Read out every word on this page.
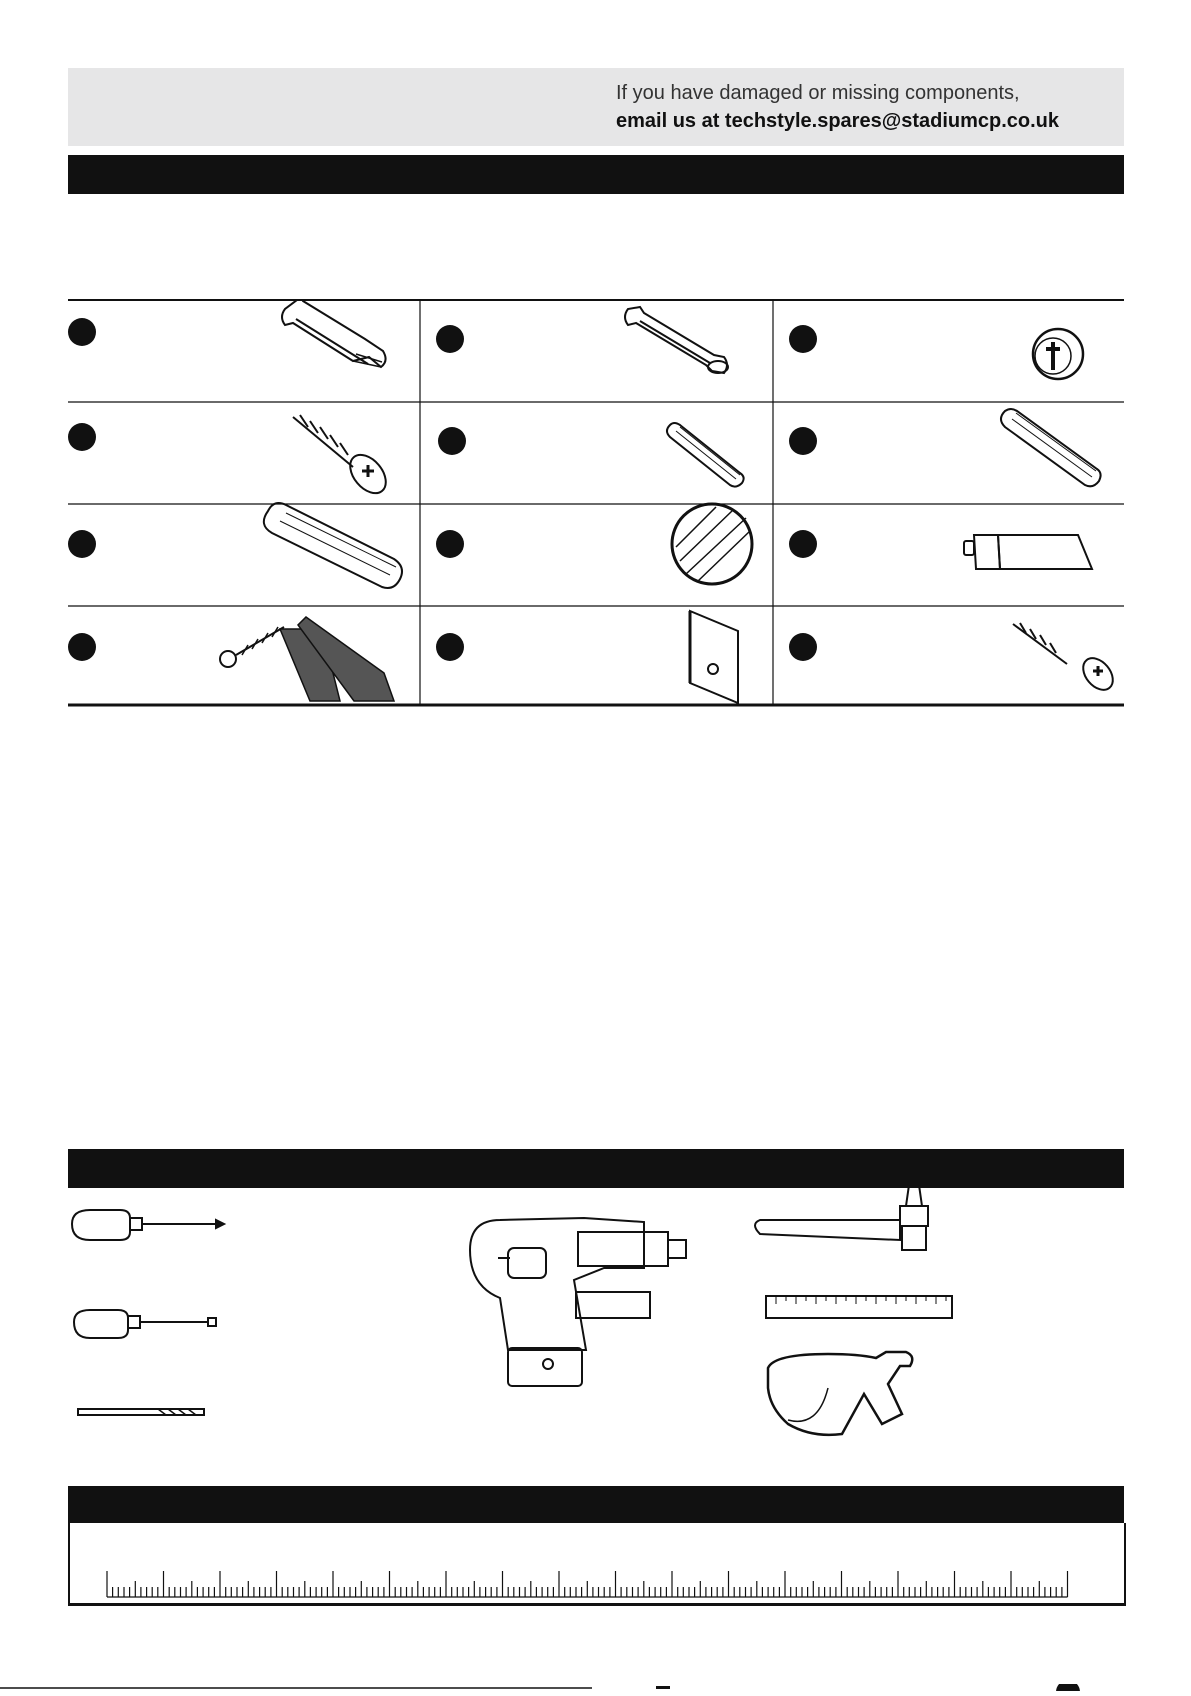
If you have damaged or missing components,
email us at techstyle.spares@stadiumcp.co.uk
